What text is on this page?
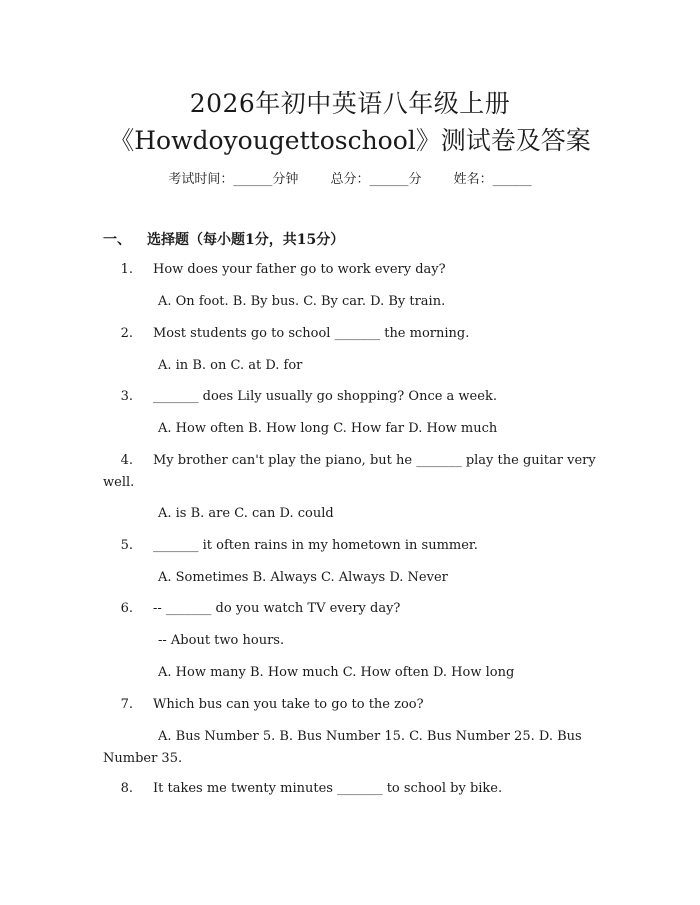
2026年初中英语八年级上册
《Howdoyougettoschool》测试卷及答案
考试时间：______分钟 总分：______分 姓名：______
一、 选择题（每小题1分，共15分）
1. How does your father go to work every day?
A. On foot. B. By bus. C. By car. D. By train.
2. Most students go to school _______ the morning.
A. in B. on C. at D. for
3. _______ does Lily usually go shopping? Once a week.
A. How often B. How long C. How far D. How much
4. My brother can't play the piano, but he _______ play the guitar very well.
A. is B. are C. can D. could
5. _______ it often rains in my hometown in summer.
A. Sometimes B. Always C. Always D. Never
6. -- _______ do you watch TV every day?
-- About two hours.
A. How many B. How much C. How often D. How long
7. Which bus can you take to go to the zoo?
A. Bus Number 5. B. Bus Number 15. C. Bus Number 25. D. Bus Number 35.
8. It takes me twenty minutes _______ to school by bike.
